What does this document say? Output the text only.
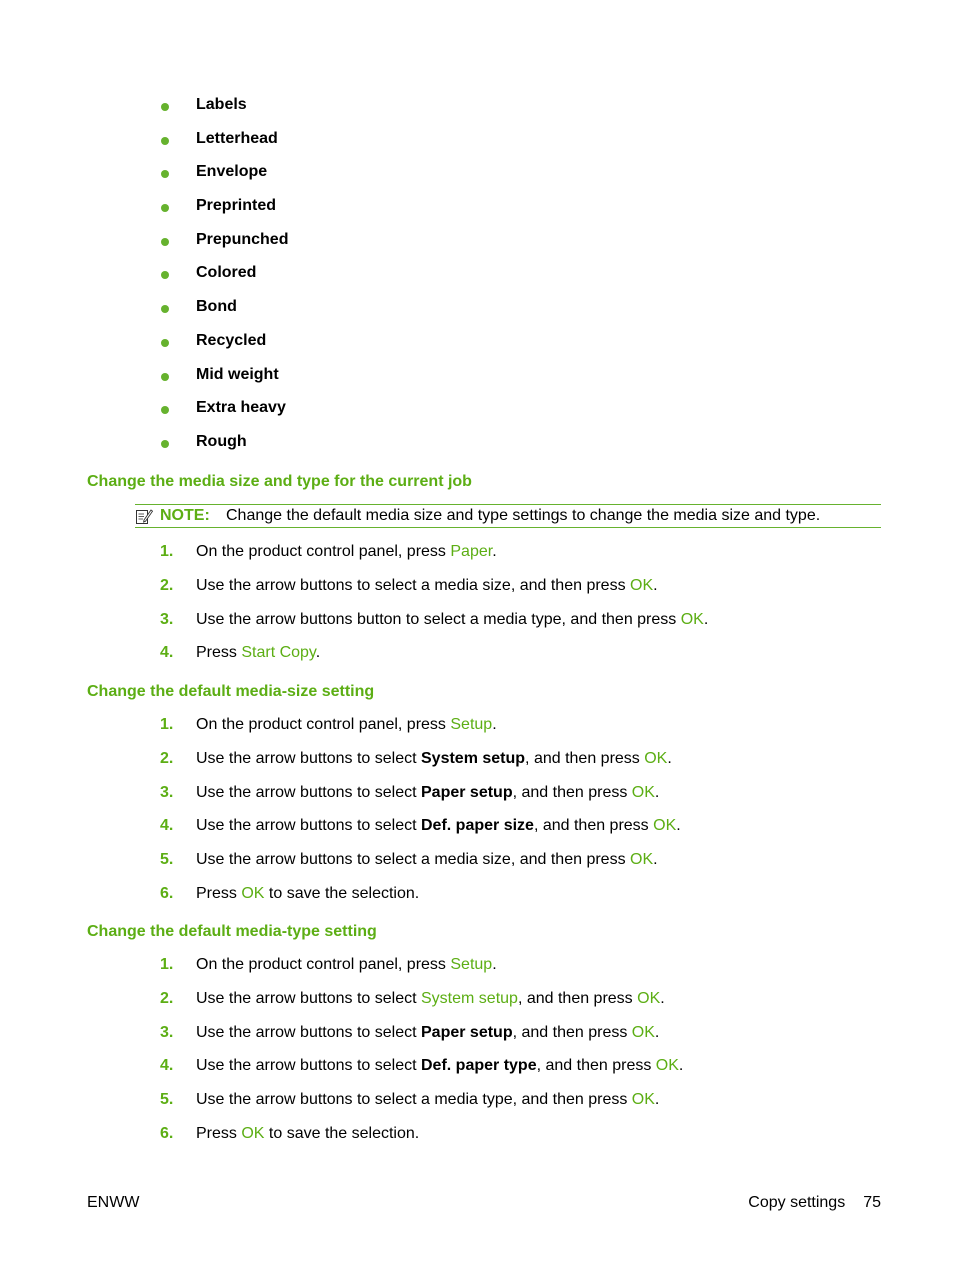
Labels
Letterhead
Envelope
Preprinted
Prepunched
Colored
Bond
Recycled
Mid weight
Extra heavy
Rough
Change the media size and type for the current job
NOTE: Change the default media size and type settings to change the media size and type.
1. On the product control panel, press Paper.
2. Use the arrow buttons to select a media size, and then press OK.
3. Use the arrow buttons button to select a media type, and then press OK.
4. Press Start Copy.
Change the default media-size setting
1. On the product control panel, press Setup.
2. Use the arrow buttons to select System setup, and then press OK.
3. Use the arrow buttons to select Paper setup, and then press OK.
4. Use the arrow buttons to select Def. paper size, and then press OK.
5. Use the arrow buttons to select a media size, and then press OK.
6. Press OK to save the selection.
Change the default media-type setting
1. On the product control panel, press Setup.
2. Use the arrow buttons to select System setup, and then press OK.
3. Use the arrow buttons to select Paper setup, and then press OK.
4. Use the arrow buttons to select Def. paper type, and then press OK.
5. Use the arrow buttons to select a media type, and then press OK.
6. Press OK to save the selection.
ENWW	Copy settings 75
